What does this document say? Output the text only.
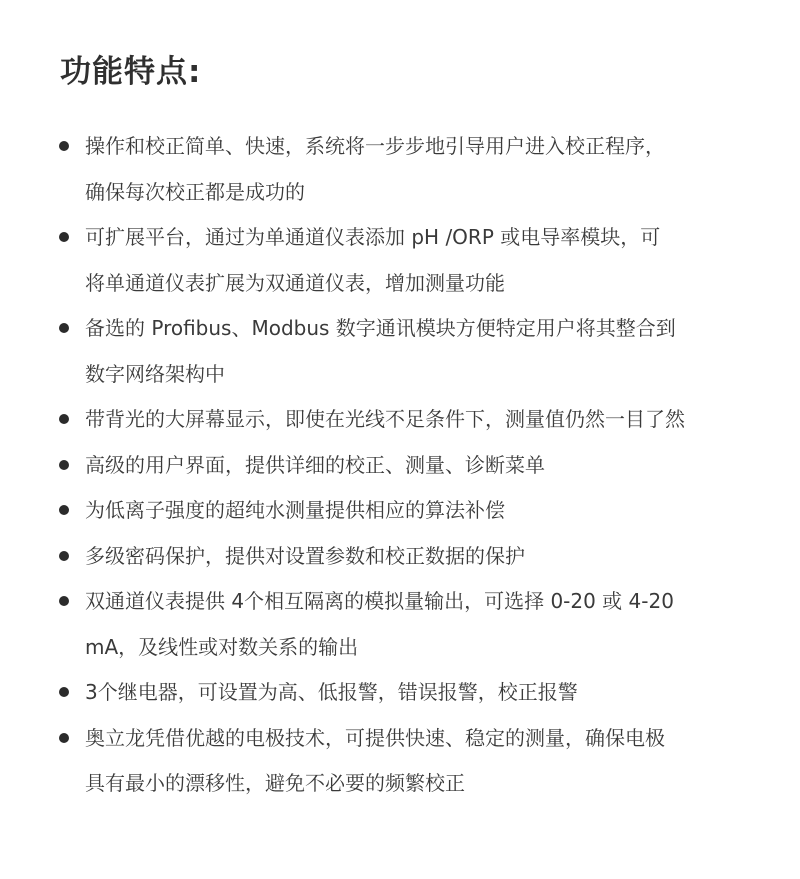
功能特点:
操作和校正简单、快速，系统将一步步地引导用户进入校正程序，
确保每次校正都是成功的
可扩展平台，通过为单通道仪表添加 pH /ORP 或电导率模块，可
将单通道仪表扩展为双通道仪表，增加测量功能
备选的 Profibus、Modbus 数字通讯模块方便特定用户将其整合到
数字网络架构中
带背光的大屏幕显示，即使在光线不足条件下，测量值仍然一目了然
高级的用户界面，提供详细的校正、测量、诊断菜单
为低离子强度的超纯水测量提供相应的算法补偿
多级密码保护，提供对设置参数和校正数据的保护
双通道仪表提供 4个相互隔离的模拟量输出，可选择 0-20 或 4-20
mA，及线性或对数关系的输出
3个继电器，可设置为高、低报警，错误报警，校正报警
奥立龙凭借优越的电极技术，可提供快速、稳定的测量，确保电极
具有最小的漂移性，避免不必要的频繁校正
